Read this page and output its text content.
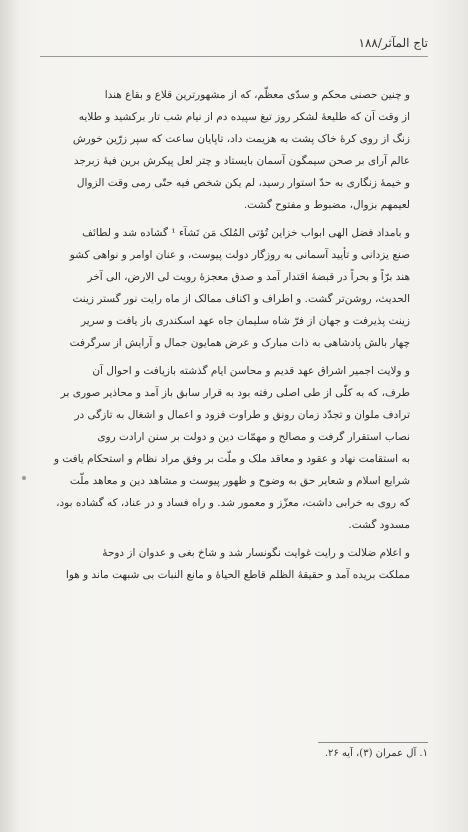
تاج المآثر/۱۸۸

و چنین حصنی محکم و سدّی معظّم، که از مشهورترین قلاع و بقاع هندا
از وقت آن که طلیعهٔ لشکر روز تیغ سپیده دم از نیام شب تار برکشید و طلایه
زنگ از روی کرهٔ خاک پشت به هزیمت داد، تاپایان ساعت که سپر زرّین خورش
عالم آرای بر صحن سیمگون آسمان بایستاد و چتر لعل پیکرش برین فیهٔ زبرجد
و خیمهٔ زنگاری به حدّ استوار رسید، لم یکن شخص فیه حتّی رمی وقت الزوال
لعیمهم بزوال، مضبوط و مفتوح گشت.

و بامداد فضل الهی ابواب خزاین تُؤتی المُلک مَن تَشآء ¹ گشاده شد و لطائف
صنع یزدانی و تأیید آسمانی به روزگار دولت پیوست، و عنان اوامر و نواهی کشو
هند برّاً و بحراً در قبضهٔ اقتدار آمد و صدق معجزهٔ رویت لی الارض، الی آخر
الحدیث، روشن‌تر گشت. و اطراف و اکناف ممالک از ماه رایت نور گستر زینت
زینت پذیرفت و جهان از فرّ شاه سلیمان جاه عهد اسکندری باز یافت و سریر
چهار بالش پادشاهی به ذات مبارک و عرض همایون جمال و آرایش از سرگرفت

و ولایت اجمیر اشراق عهد قدیم و محاسن ایام گذشته بازیافت و احوال آن
طرف، که به کلّی از طی اصلی رفته بود به قرار سابق باز آمد و محاذیر صوری بر
ترادف ملوان و تجدّد زمان رونق و طراوت فزود و اعمال و اشغال به تازگی در
نصاب استقرار گرفت و مصالح و مهمّات دین و دولت بر سنن ارادت روی
به استقامت نهاد و عقود و معاقد ملک و ملّت بر وفق مراد نظام و استحکام یافت و
شرایع اسلام و شعایر حق به وضوح و ظهور پیوست و مشاهد دین و معاهد ملّت
که روی به خرابی داشت، معزّز و معمور شد. و راه فساد و در عناد، که گشاده بود،
مسدود گشت.

و اعلام ضلالت و رایت غوایت نگونسار شد و شاخ بغی و عدوان از دوحهٔ
مملکت بریده آمد و حقیقهٔ الظلم قاطع الحیاهٔ و مانع النبات بی شبهت ماند و هوا

۱. آل عمران (۳)، آیه ۲۶.
